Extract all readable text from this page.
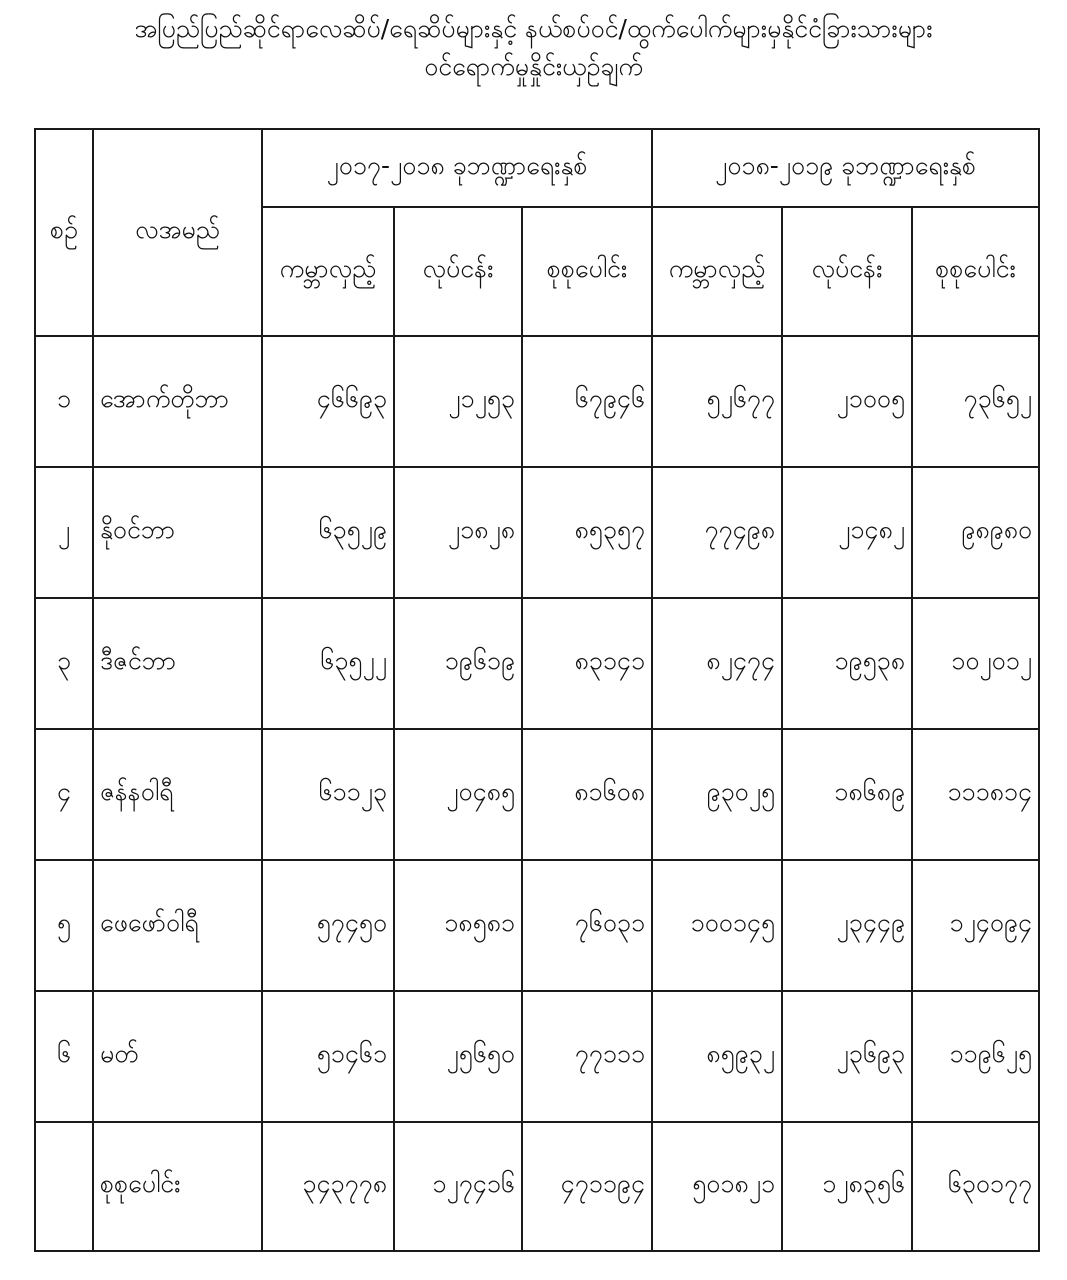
အပြည်ပြည်ဆိုင်ရာလေဆိပ်/ရေဆိပ်များနှင့် နယ်စပ်ဝင်/ထွက်ပေါက်များမှနိုင်ငံခြားသားများ
ဝင်ရောက်မှုနှိုင်းယှဉ်ချက်
စဉ်	လအမည်	၂၀၁၇-၂၀၁၈ ခုဘဏ္ဍာရေးနှစ်			၂၀၁၈-၂၀၁၉ ခုဘဏ္ဍာရေးနှစ်		
		ကမ္ဘာလှည့်	လုပ်ငန်း	စုစုပေါင်း	ကမ္ဘာလှည့်	လုပ်ငန်း	စုစုပေါင်း
၁	အောက်တိုဘာ	၄၆၆၉၃	၂၁၂၅၃	၆၇၉၄၆	၅၂၆၇၇	၂၁၀၀၅	၇၃၆၅၂
၂	နိုဝင်ဘာ	၆၃၅၂၉	၂၁၈၂၈	၈၅၃၅၇	၇၇၄၉၈	၂၁၄၈၂	၉၈၉၈၀
၃	ဒီဇင်ဘာ	၆၃၅၂၂	၁၉၆၁၉	၈၃၁၄၁	၈၂၄၇၄	၁၉၅၃၈	၁၀၂၀၁၂
၄	ဇန်နဝါရီ	၆၁၁၂၃	၂၀၄၈၅	၈၁၆၀၈	၉၃၀၂၅	၁၈၆၈၉	၁၁၁၈၁၄
၅	ဖေဖော်ဝါရီ	၅၇၄၅၀	၁၈၅၈၁	၇၆၀၃၁	၁၀၀၁၄၅	၂၃၄၄၉	၁၂၄၀၉၄
၆	မတ်	၅၁၄၆၁	၂၅၆၅၀	၇၇၁၁၁	၈၅၉၃၂	၂၃၆၉၃	၁၁၉၆၂၅
	စုစုပေါင်း	၃၄၃၇၇၈	၁၂၇၄၁၆	၄၇၁၁၉၄	၅၀၁၈၂၁	၁၂၈၃၅၆	၆၃၀၁၇၇
